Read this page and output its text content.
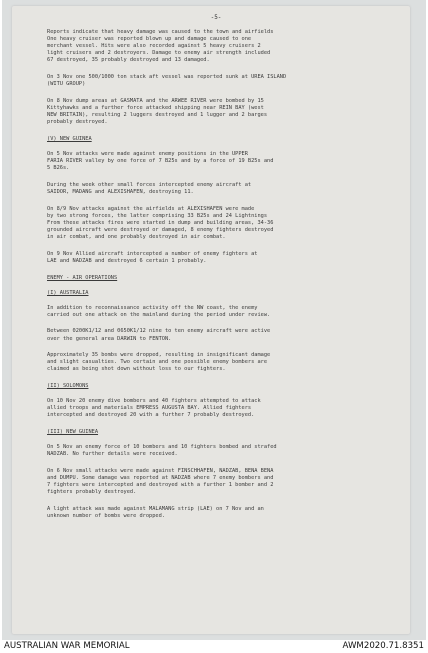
-5-
Reports indicate that heavy damage was caused to the town and airfields
One heavy cruiser was reported blown up and damage caused to one
merchant vessel. Hits were also recorded against 5 heavy cruisers 2
light cruisers and 2 destroyers. Damage to enemy air strength included
67 destroyed, 35 probably destroyed and 13 damaged.
On 3 Nov one 500/1000 ton stack aft vessel was reported sunk at UREA ISLAND
(WITU GROUP)
On 8 Nov dump areas at GASMATA and the ARWEE RIVER were bombed by 15
Kittyhawks and a further force attacked shipping near REIN BAY (west
NEW BRITAIN), resulting 2 luggers destroyed and 1 lugger and 2 barges
probably destroyed.
(V) NEW GUINEA
On 5 Nov attacks were made against enemy positions in the UPPER
FARIA RIVER valley by one force of 7 B25s and by a force of 19 B25s and
5 B26s.
During the week other small forces intercepted enemy aircraft at
SAIDOR, MADANG and ALEXISHAFEN, destroying 11.
On 8/9 Nov attacks against the airfields at ALEXISHAFEN were made
by two strong forces, the latter comprising 33 B25s and 24 Lightnings
From these attacks fires were started in dump and building areas, 34-36
grounded aircraft were destroyed or damaged, 8 enemy fighters destroyed
in air combat, and one probably destroyed in air combat.
On 9 Nov Allied aircraft intercepted a number of enemy fighters at
LAE and NADZAB and destroyed 6 certain 1 probably.
ENEMY - AIR OPERATIONS
(I) AUSTRALIA
In addition to reconnaissance activity off the NW coast, the enemy
carried out one attack on the mainland during the period under review.
Between 0200K1/12 and 0650K1/12 nine to ten enemy aircraft were active
over the general area DARWIN to FENTON.
Approximately 35 bombs were dropped, resulting in insignificant damage
and slight casualties. Two certain and one possible enemy bombers are
claimed as being shot down without loss to our fighters.
(II) SOLOMONS
On 10 Nov 20 enemy dive bombers and 40 fighters attempted to attack
allied troops and materials EMPRESS AUGUSTA BAY. Allied fighters
intercepted and destroyed 20 with a further 7 probably destroyed.
(III) NEW GUINEA
On 5 Nov an enemy force of 10 bombers and 10 fighters bombed and strafed
NADZAB. No further details were received.
On 6 Nov small attacks were made against FINSCHHAFEN, NADZAB, BENA BENA
and DUMPU. Some damage was reported at NADZAB where 7 enemy bombers and
7 fighters were intercepted and destroyed with a further 1 bomber and 2
fighters probably destroyed.
A light attack was made against MALAMANG strip (LAE) on 7 Nov and an
unknown number of bombs were dropped.
AUSTRALIAN WAR MEMORIAL	AWM2020.71.8351
